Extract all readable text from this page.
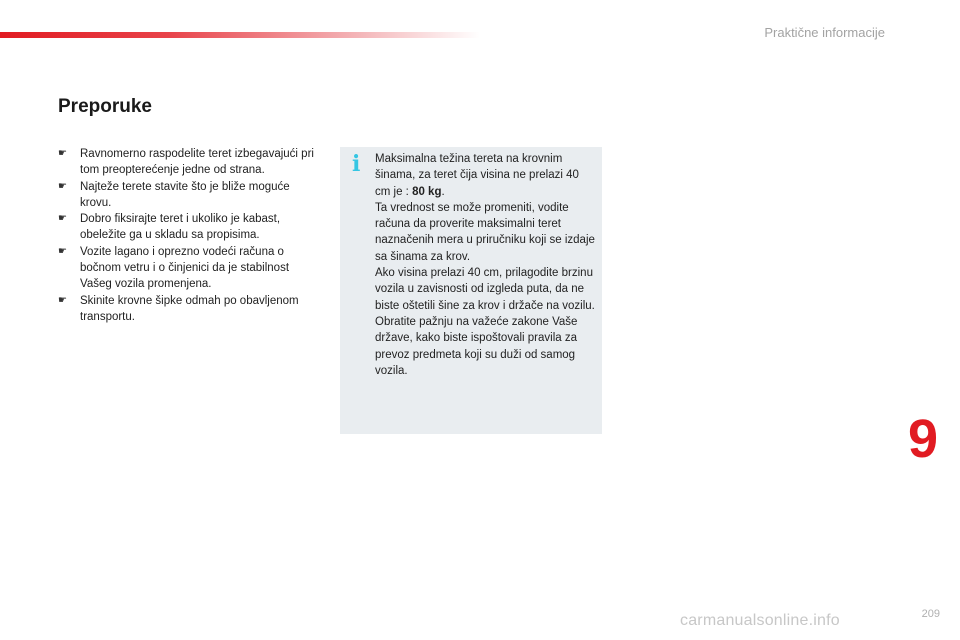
Praktične informacije
Preporuke
☛ Ravnomerno raspodelite teret izbegavajući pri tom preopterećenje jedne od strana.
☛ Najteže terete stavite što je bliže moguće krovu.
☛ Dobro fiksirajte teret i ukoliko je kabast, obeležite ga u skladu sa propisima.
☛ Vozite lagano i oprezno vodeći računa o bočnom vetru i o činjenici da je stabilnost Vašeg vozila promenjena.
☛ Skinite krovne šipke odmah po obavljenom transportu.
i Maksimalna težina tereta na krovnim šinama, za teret čija visina ne prelazi 40 cm je : 80 kg.
Ta vrednost se može promeniti, vodite računa da proverite maksimalni teret naznačenih mera u priručniku koji se izdaje sa šinama za krov.
Ako visina prelazi 40 cm, prilagodite brzinu vozila u zavisnosti od izgleda puta, da ne biste oštetili šine za krov i držače na vozilu.
Obratite pažnju na važeće zakone Vaše države, kako biste ispoštovali pravila za prevoz predmeta koji su duži od samog vozila.
9
209
carmanualsonline.info
